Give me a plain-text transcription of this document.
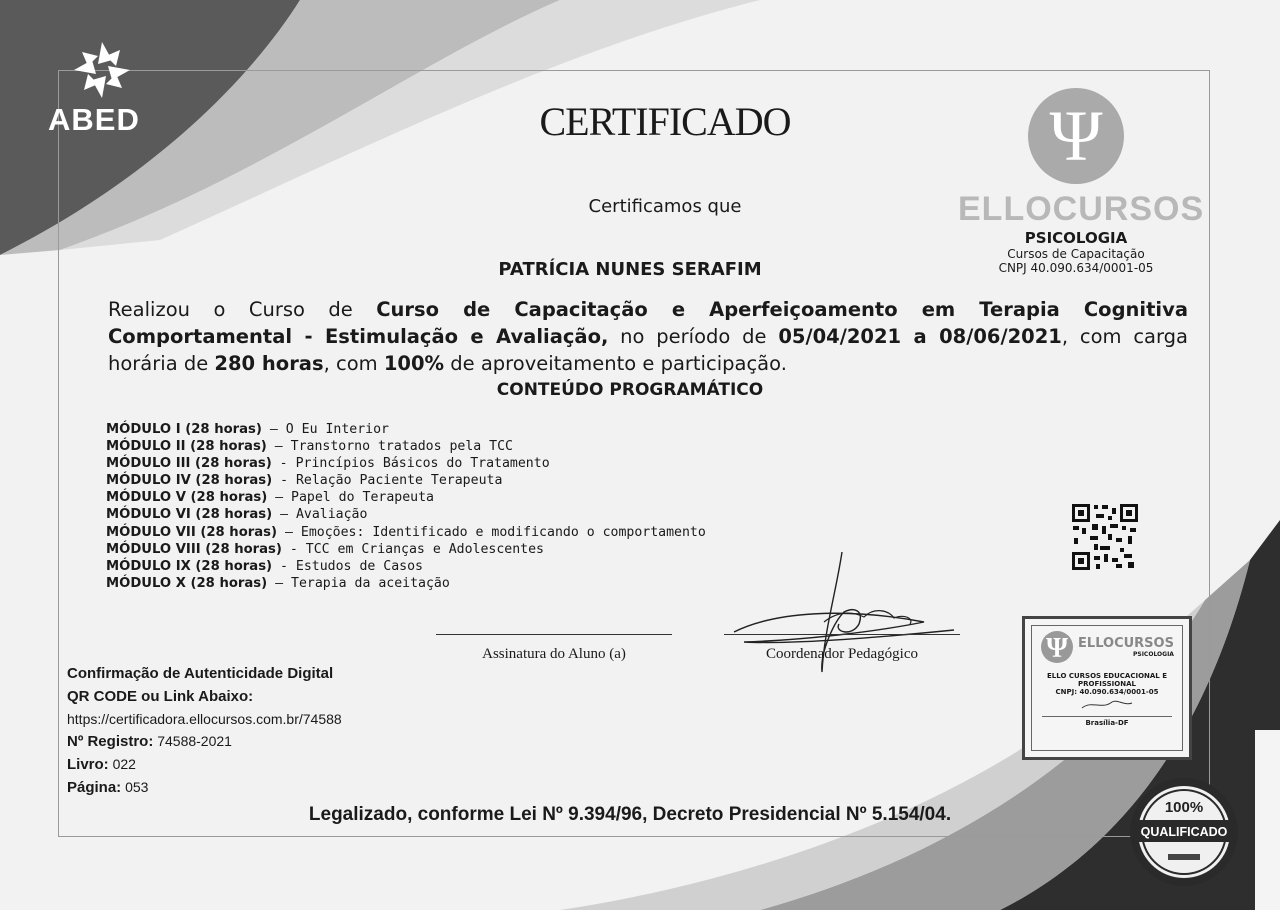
ABED	CERTIFICADO
Certificamos que
PATRÍCIA NUNES SERAFIM
Realizou o Curso de Curso de Capacitação e Aperfeiçoamento em Terapia Cognitiva Comportamental - Estimulação e Avaliação, no período de 05/04/2021 a 08/06/2021, com carga horária de 280 horas, com 100% de aproveitamento e participação.
CONTEÚDO PROGRAMÁTICO
MÓDULO I (28 horas) – O Eu Interior
MÓDULO II (28 horas) – Transtorno tratados pela TCC
MÓDULO III (28 horas) - Princípios Básicos do Tratamento
MÓDULO IV (28 horas) - Relação Paciente Terapeuta
MÓDULO V (28 horas) – Papel do Terapeuta
MÓDULO VI (28 horas) – Avaliação
MÓDULO VII (28 horas) – Emoções: Identificado e modificando o comportamento
MÓDULO VIII (28 horas) - TCC em Crianças e Adolescentes
MÓDULO IX (28 horas) - Estudos de Casos
MÓDULO X (28 horas) – Terapia da aceitação
Ψ
ELLOCURSOS
PSICOLOGIA
Cursos de Capacitação
CNPJ 40.090.634/0001-05
Assinatura do Aluno (a)	Coordenador Pedagógico
Confirmação de Autenticidade Digital
QR CODE ou Link Abaixo:
https://certificadora.ellocursos.com.br/74588
Nº Registro: 74588-2021
Livro: 022
Página: 053
Ψ ELLOCURSOS
PSICOLOGIA
ELLO CURSOS EDUCACIONAL E
PROFISSIONAL
CNPJ: 40.090.634/0001-05
Brasília-DF
Legalizado, conforme Lei Nº 9.394/96, Decreto Presidencial Nº 5.154/04.	100%
QUALIFICADO
